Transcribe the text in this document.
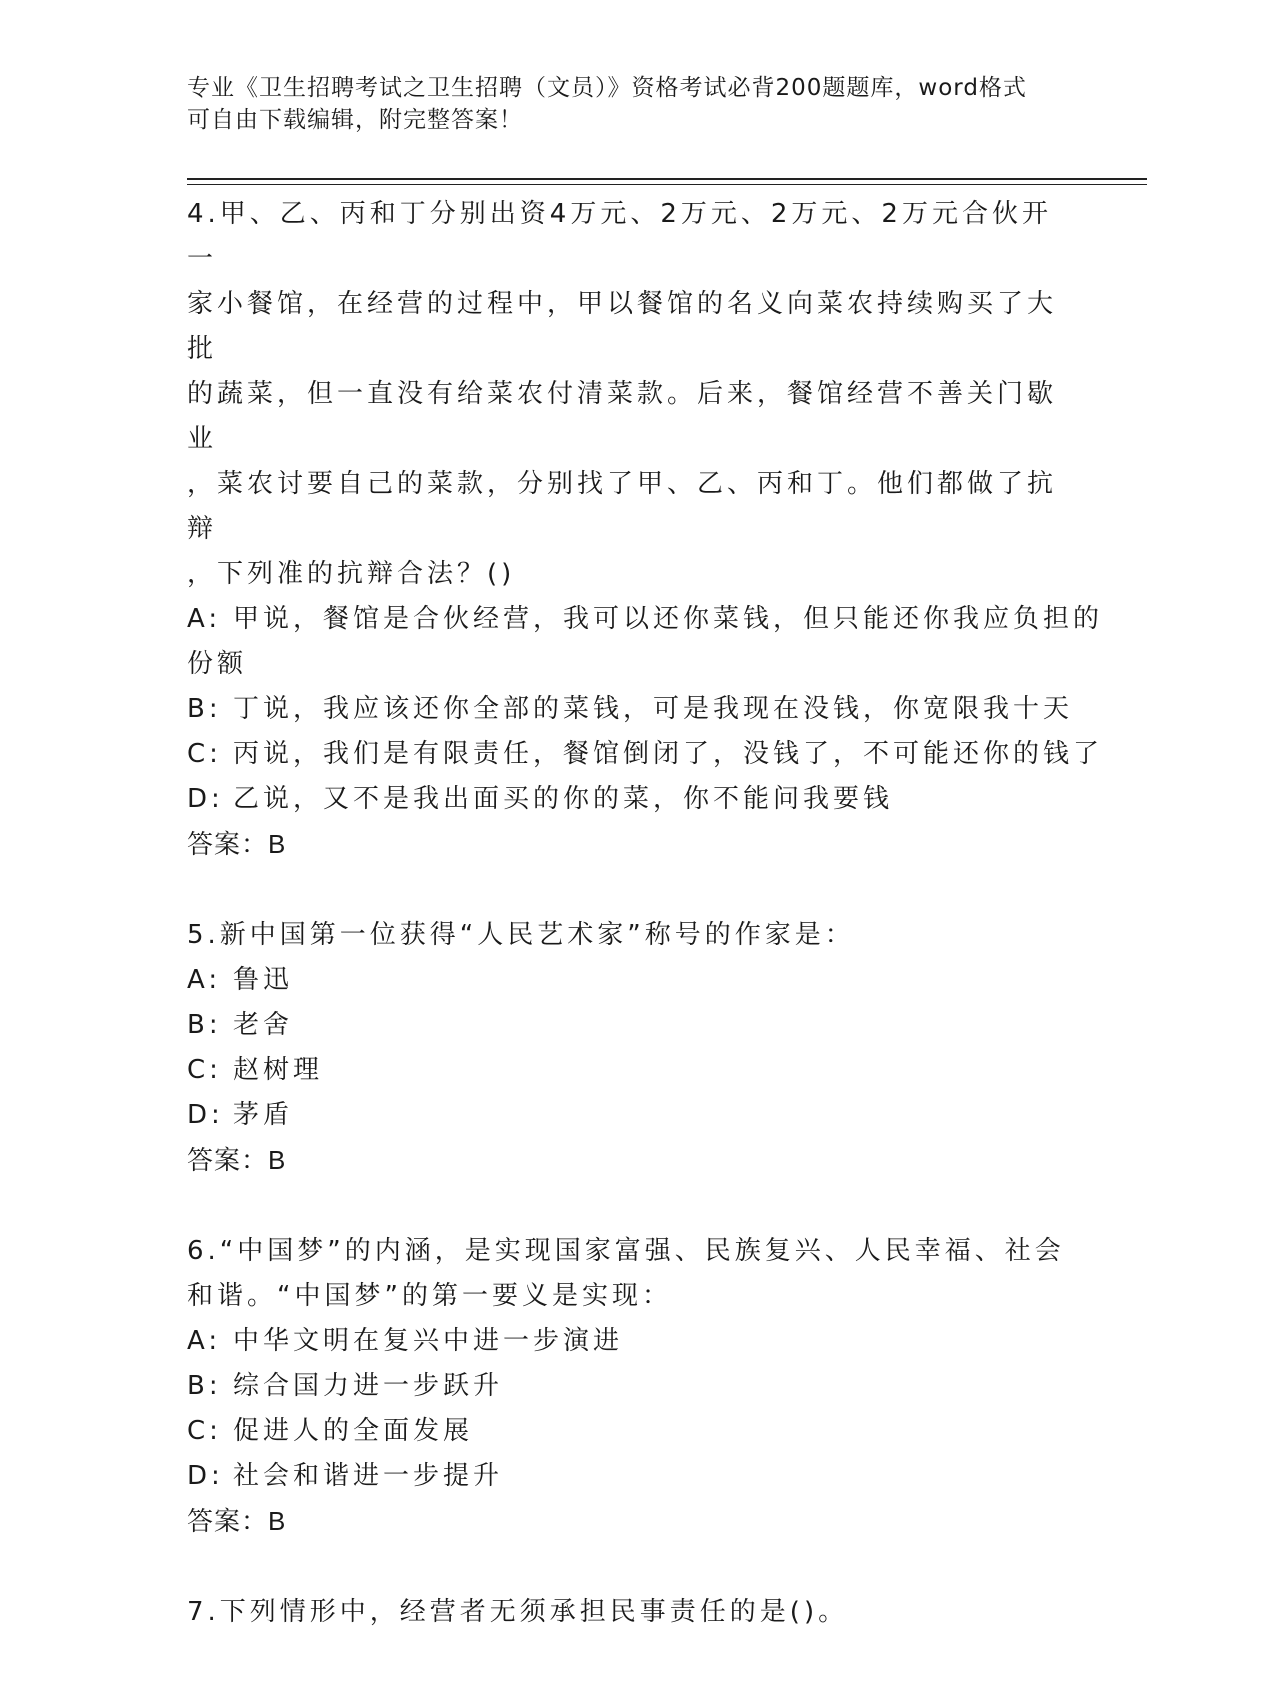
专业《卫生招聘考试之卫生招聘（文员）》资格考试必背200题题库，word格式
可自由下载编辑，附完整答案！
4.甲、乙、丙和丁分别出资4万元、2万元、2万元、2万元合伙开一
家小餐馆，在经营的过程中，甲以餐馆的名义向菜农持续购买了大批
的蔬菜，但一直没有给菜农付清菜款。后来，餐馆经营不善关门歇业
，菜农讨要自己的菜款，分别找了甲、乙、丙和丁。他们都做了抗辩
，下列准的抗辩合法？()
A: 甲说，餐馆是合伙经营，我可以还你菜钱，但只能还你我应负担的
份额
B: 丁说，我应该还你全部的菜钱，可是我现在没钱，你宽限我十天
C: 丙说，我们是有限责任，餐馆倒闭了，没钱了，不可能还你的钱了
D: 乙说，又不是我出面买的你的菜，你不能问我要钱
答案：B
5.新中国第一位获得“人民艺术家”称号的作家是：
A: 鲁迅
B: 老舍
C: 赵树理
D: 茅盾
答案：B
6.“中国梦”的内涵，是实现国家富强、民族复兴、人民幸福、社会
和谐。“中国梦”的第一要义是实现：
A: 中华文明在复兴中进一步演进
B: 综合国力进一步跃升
C: 促进人的全面发展
D: 社会和谐进一步提升
答案：B
7.下列情形中，经营者无须承担民事责任的是()。
